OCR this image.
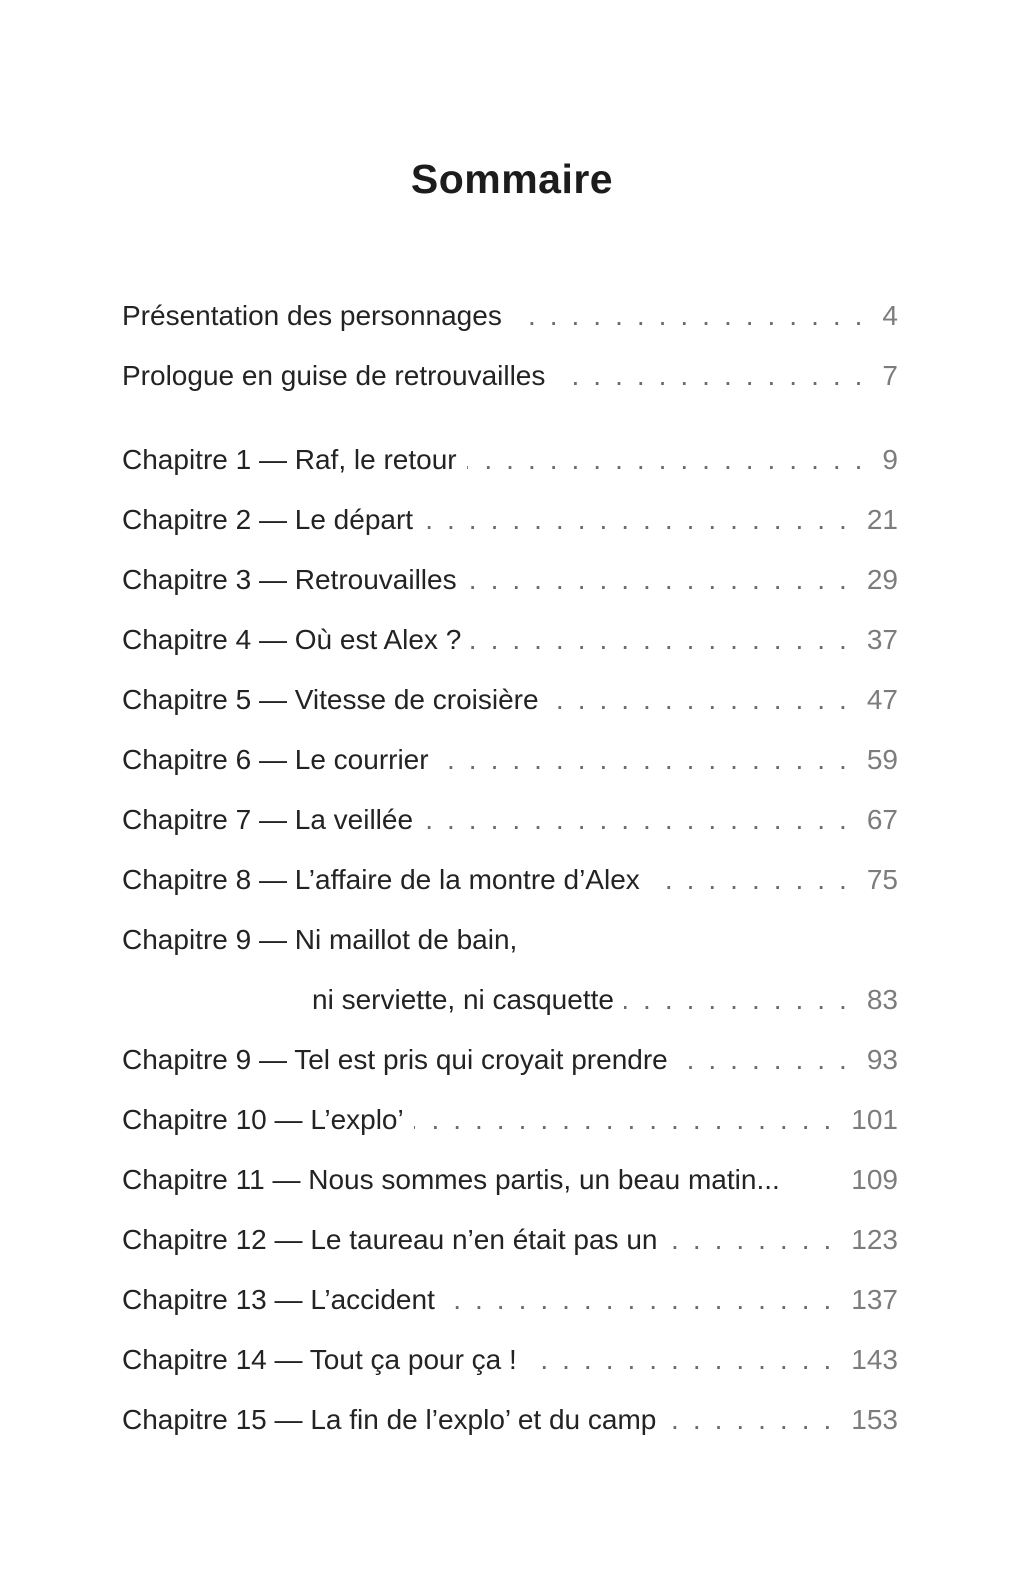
Sommaire
Présentation des personnages .....	4
Prologue en guise de retrouvailles .....	7
Chapitre 1 — Raf, le retour .....	9
Chapitre 2 — Le départ .....	21
Chapitre 3 — Retrouvailles .....	29
Chapitre 4 — Où est Alex ? .....	37
Chapitre 5 — Vitesse de croisière .....	47
Chapitre 6 — Le courrier .....	59
Chapitre 7 — La veillée .....	67
Chapitre 8 — L’affaire de la montre d’Alex .....	75
Chapitre 9 — Ni maillot de bain,
ni serviette, ni casquette .....	83
Chapitre 9 — Tel est pris qui croyait prendre .....	93
Chapitre 10 — L’explo’ .....	101
Chapitre 11 — Nous sommes partis, un beau matin...	109
Chapitre 12 — Le taureau n’en était pas un .....	123
Chapitre 13 — L’accident .....	137
Chapitre 14 — Tout ça pour ça ! .....	143
Chapitre 15 — La fin de l’explo’ et du camp .....	153
